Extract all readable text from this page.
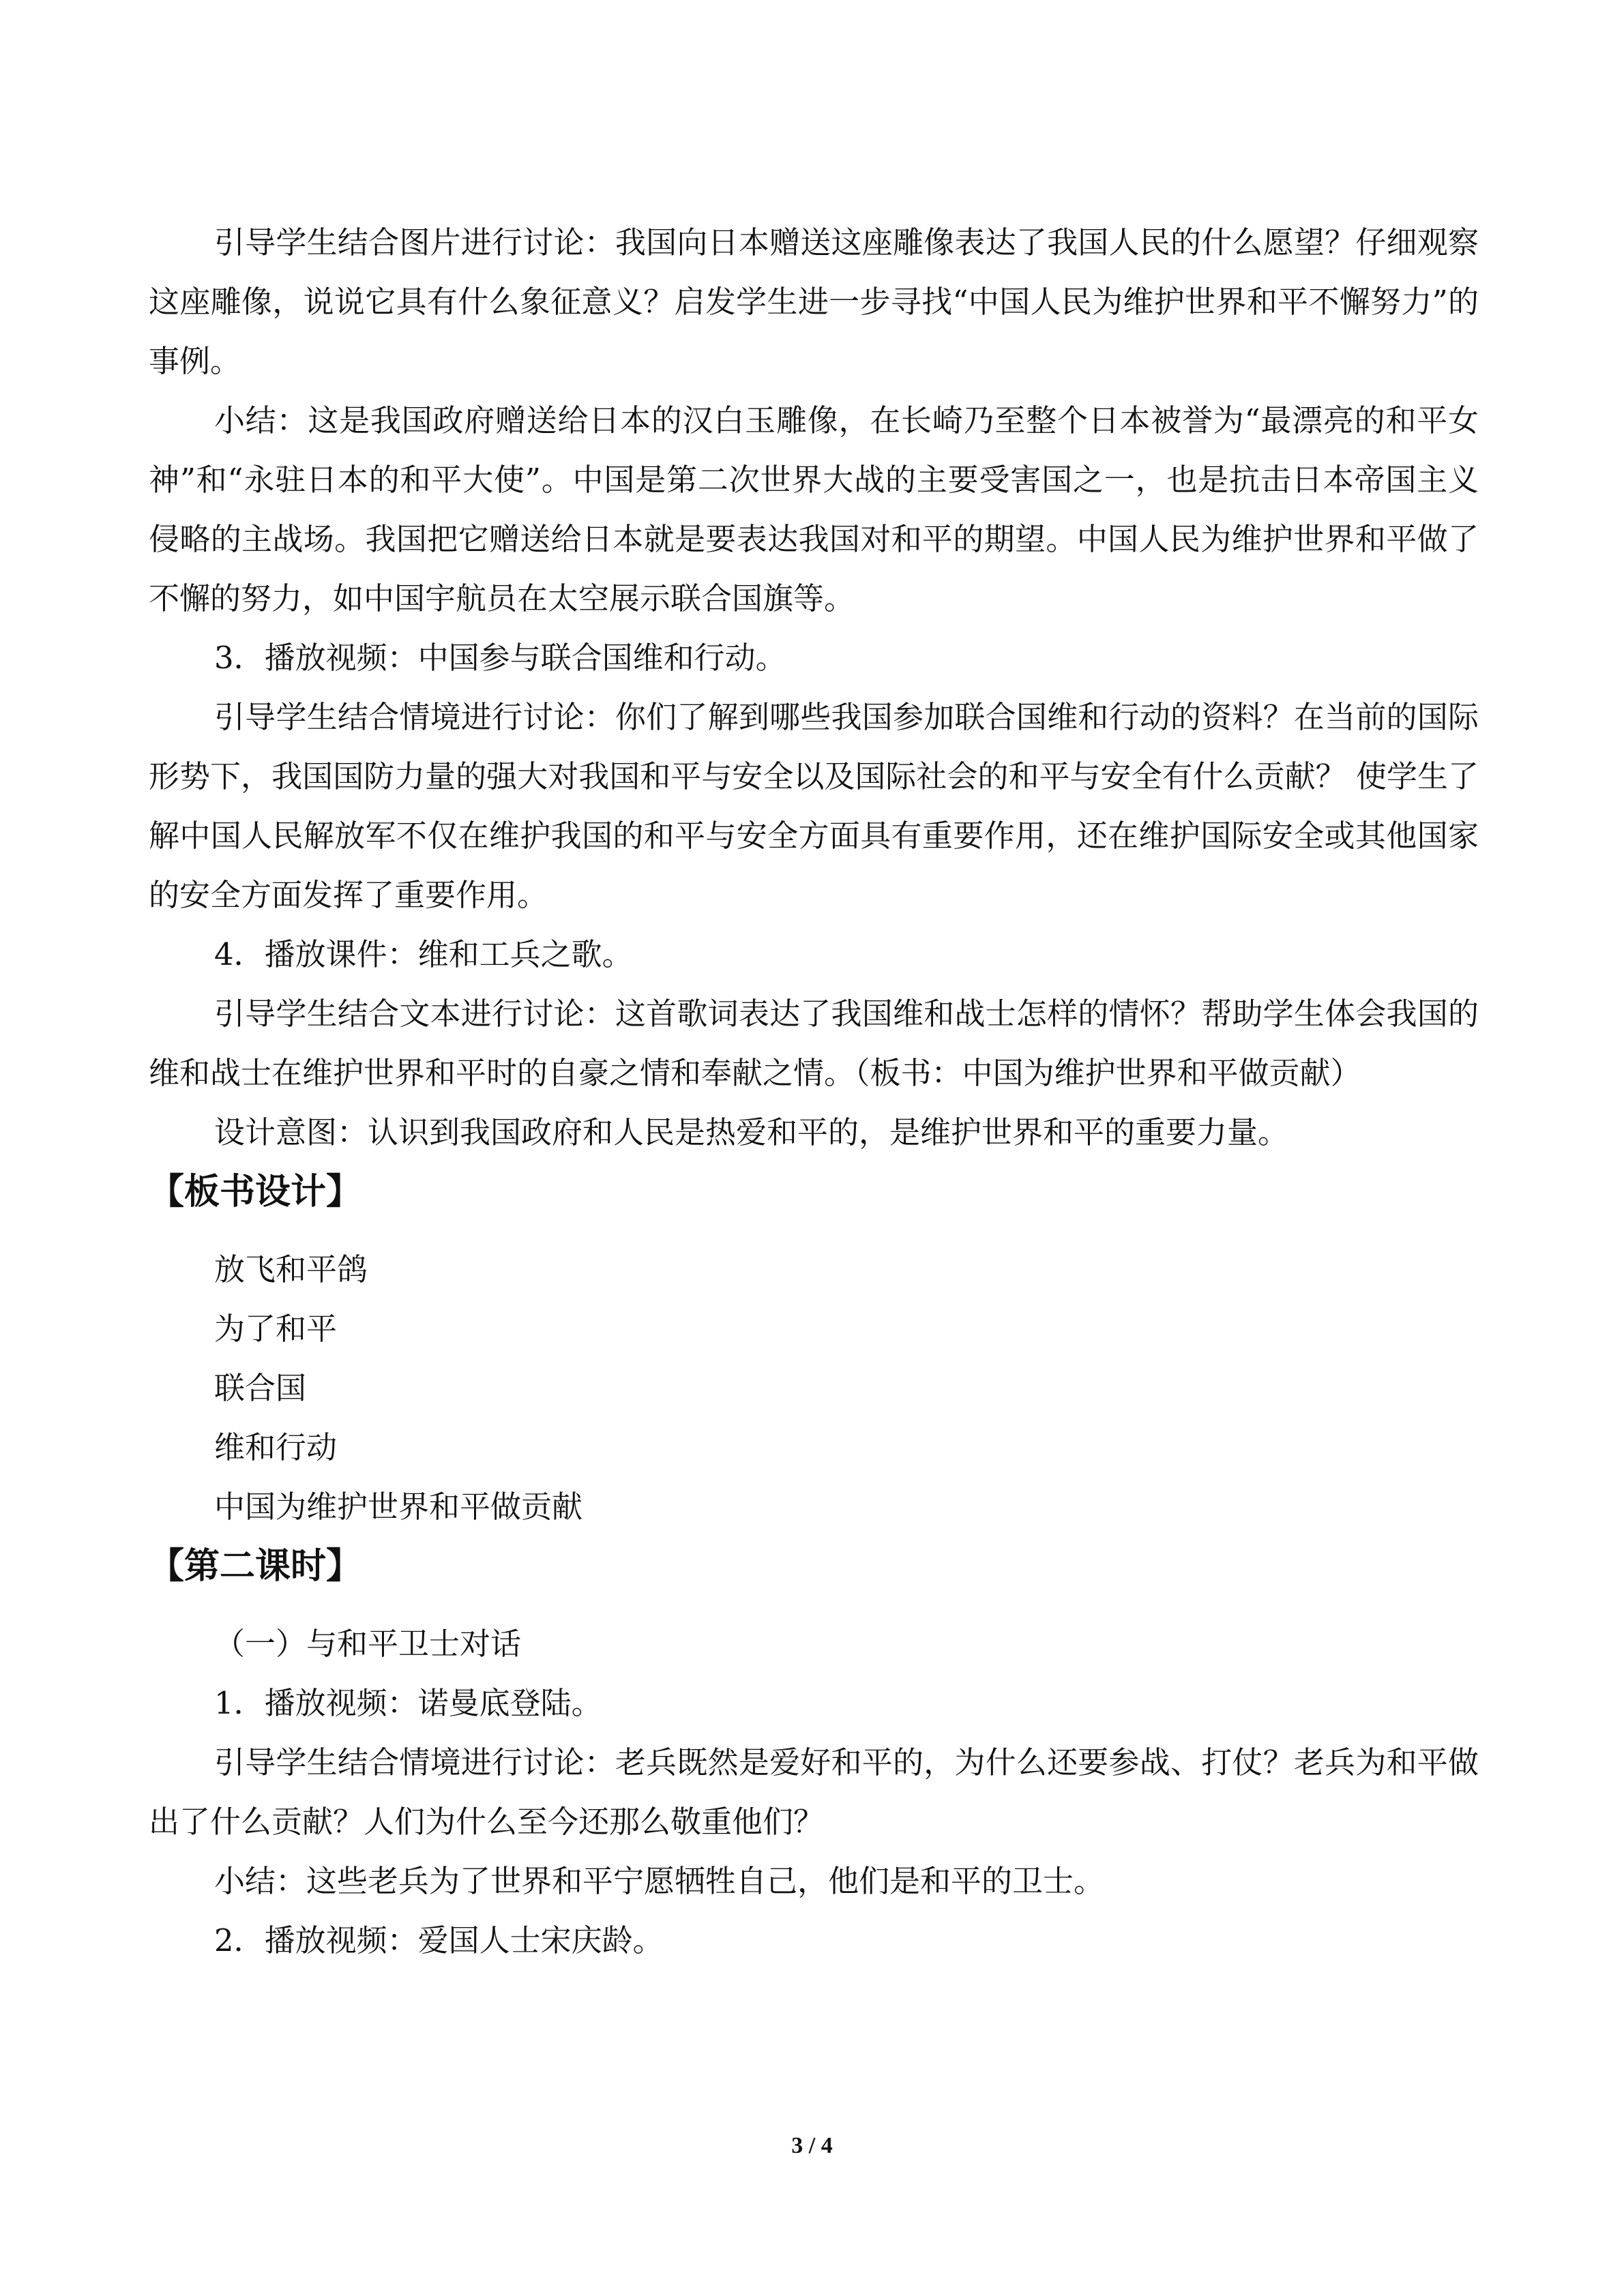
引导学生结合图片进行讨论：我国向日本赠送这座雕像表达了我国人民的什么愿望？仔细观察这座雕像，说说它具有什么象征意义？启发学生进一步寻找“中国人民为维护世界和平不懈努力”的事例。

小结：这是我国政府赠送给日本的汉白玉雕像，在长崎乃至整个日本被誉为“最漂亮的和平女神”和“永驻日本的和平大使”。中国是第二次世界大战的主要受害国之一，也是抗击日本帝国主义侵略的主战场。我国把它赠送给日本就是要表达我国对和平的期望。中国人民为维护世界和平做了不懈的努力，如中国宇航员在太空展示联合国旗等。

3．播放视频：中国参与联合国维和行动。

引导学生结合情境进行讨论：你们了解到哪些我国参加联合国维和行动的资料？在当前的国际形势下，我国国防力量的强大对我国和平与安全以及国际社会的和平与安全有什么贡献？ 使学生了解中国人民解放军不仅在维护我国的和平与安全方面具有重要作用，还在维护国际安全或其他国家的安全方面发挥了重要作用。

4．播放课件：维和工兵之歌。

引导学生结合文本进行讨论：这首歌词表达了我国维和战士怎样的情怀？帮助学生体会我国的维和战士在维护世界和平时的自豪之情和奉献之情。（板书：中国为维护世界和平做贡献）

设计意图：认识到我国政府和人民是热爱和平的，是维护世界和平的重要力量。

【板书设计】

放飞和平鸽

为了和平

联合国

维和行动

中国为维护世界和平做贡献

【第二课时】

（一）与和平卫士对话

1．播放视频：诺曼底登陆。

引导学生结合情境进行讨论：老兵既然是爱好和平的，为什么还要参战、打仗？老兵为和平做出了什么贡献？人们为什么至今还那么敬重他们？

小结：这些老兵为了世界和平宁愿牺牲自己，他们是和平的卫士。

2．播放视频：爱国人士宋庆龄。

3 / 4
